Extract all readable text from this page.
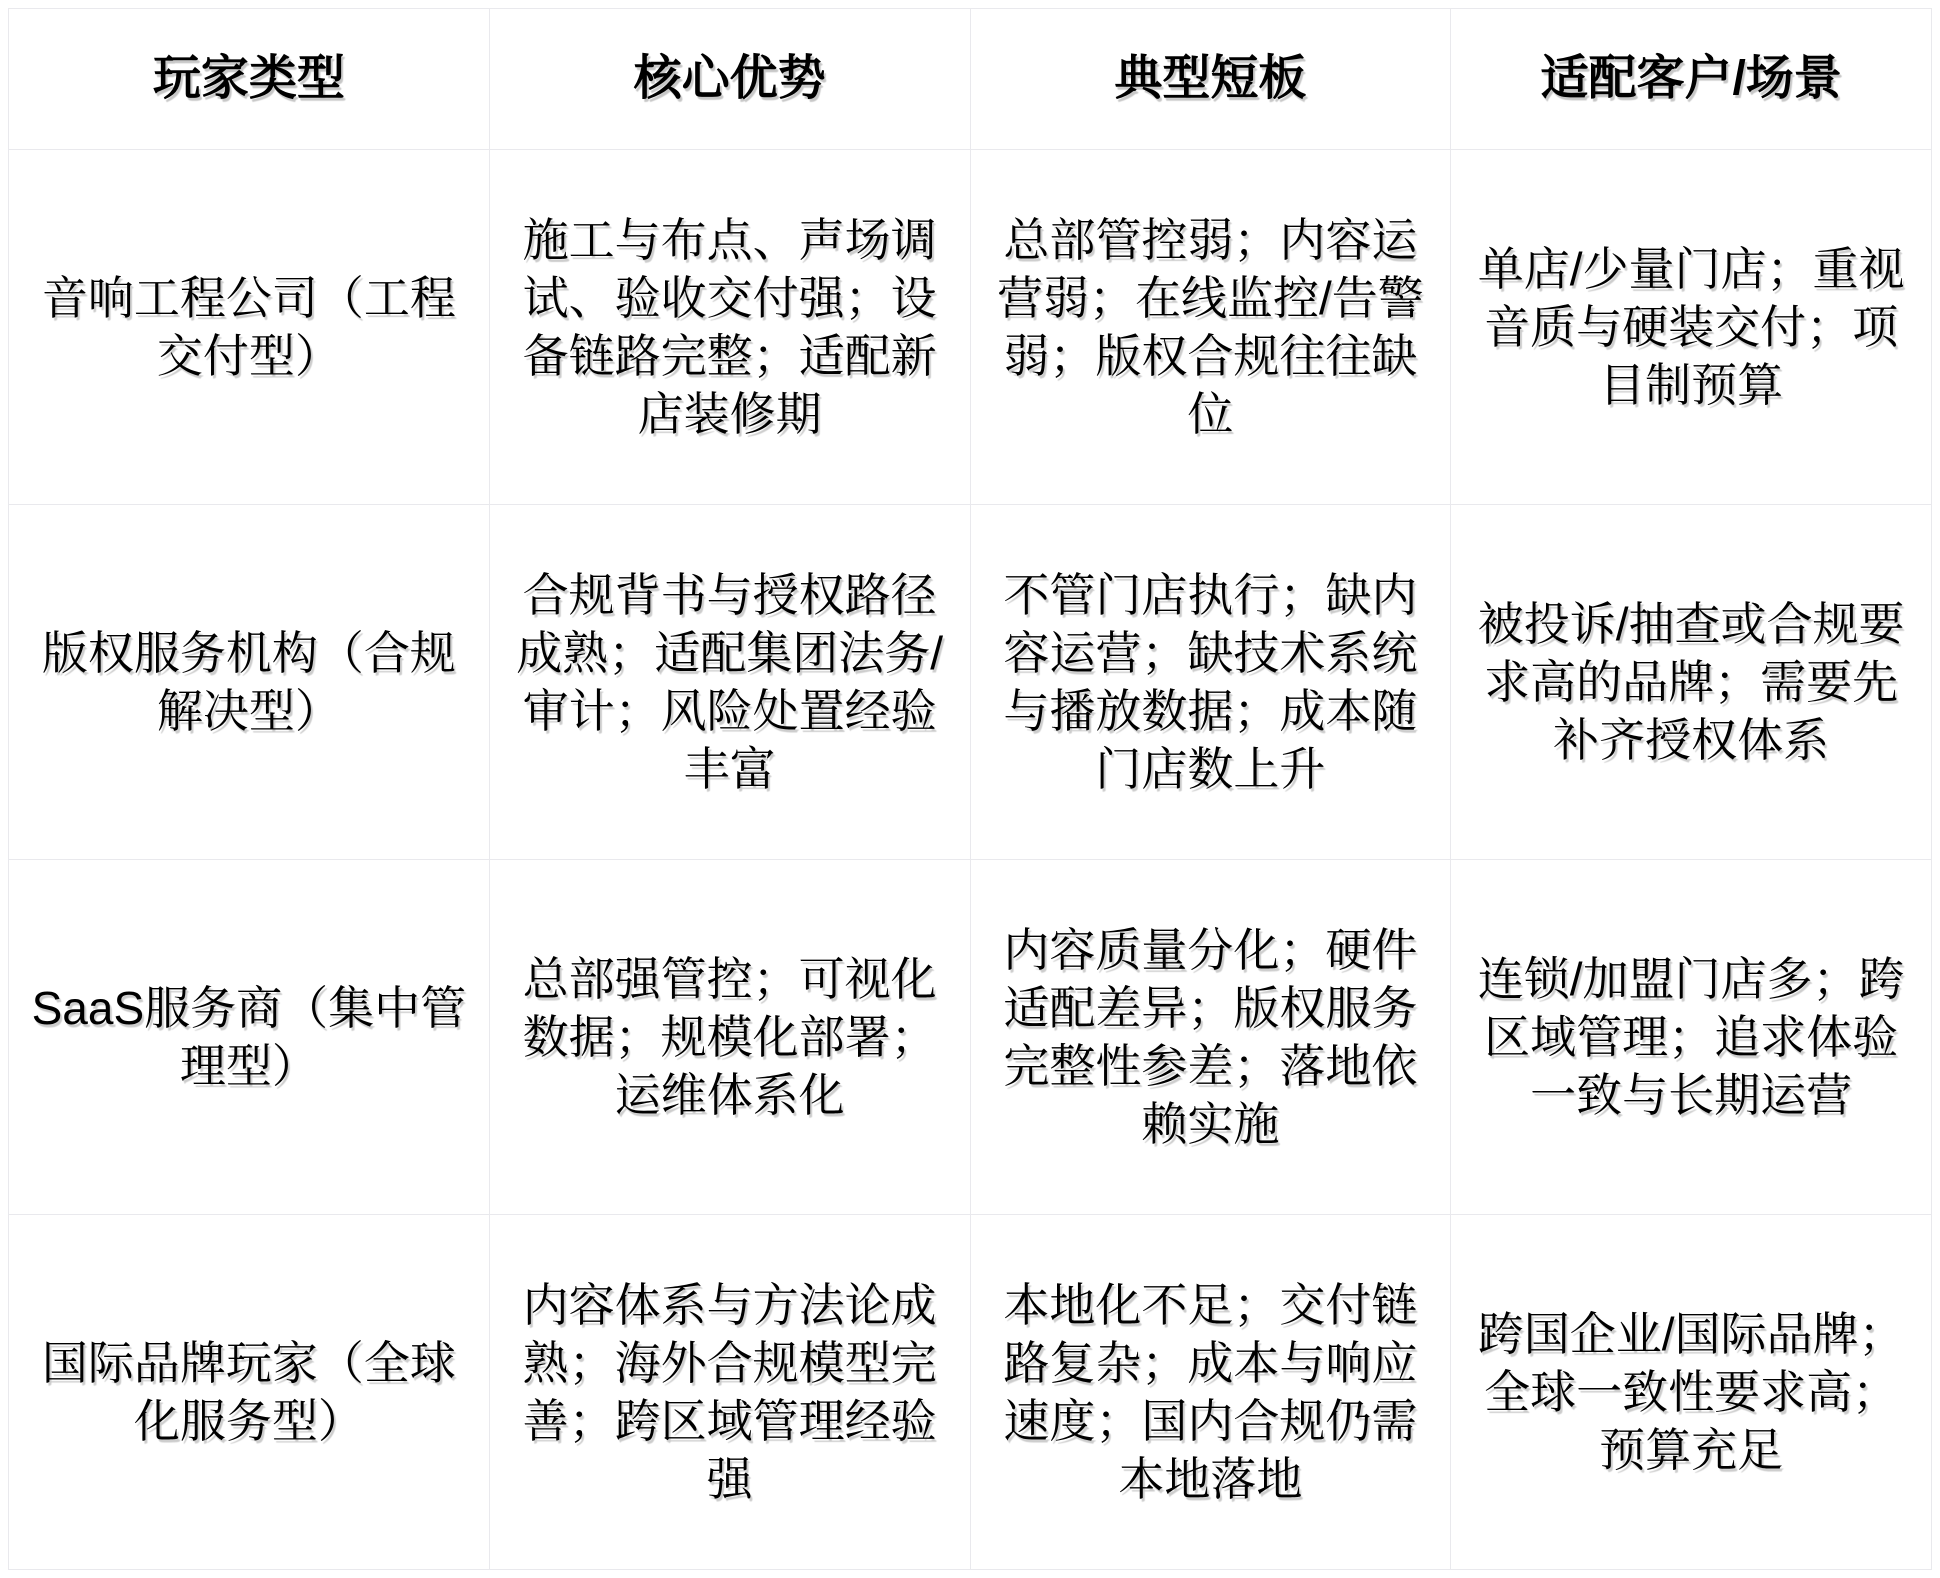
玩家类型	核心优势	典型短板	适配客户/场景
音响工程公司（工程交付型）	施工与布点、声场调试、验收交付强；设备链路完整；适配新店装修期	总部管控弱；内容运营弱；在线监控/告警弱；版权合规往往缺位	单店/少量门店；重视音质与硬装交付；项目制预算
版权服务机构（合规解决型）	合规背书与授权路径成熟；适配集团法务/审计；风险处置经验丰富	不管门店执行；缺内容运营；缺技术系统与播放数据；成本随门店数上升	被投诉/抽查或合规要求高的品牌；需要先补齐授权体系
SaaS服务商（集中管理型）	总部强管控；可视化数据；规模化部署；运维体系化	内容质量分化；硬件适配差异；版权服务完整性参差；落地依赖实施	连锁/加盟门店多；跨区域管理；追求体验一致与长期运营
国际品牌玩家（全球化服务型）	内容体系与方法论成熟；海外合规模型完善；跨区域管理经验强	本地化不足；交付链路复杂；成本与响应速度；国内合规仍需本地落地	跨国企业/国际品牌；全球一致性要求高；预算充足
